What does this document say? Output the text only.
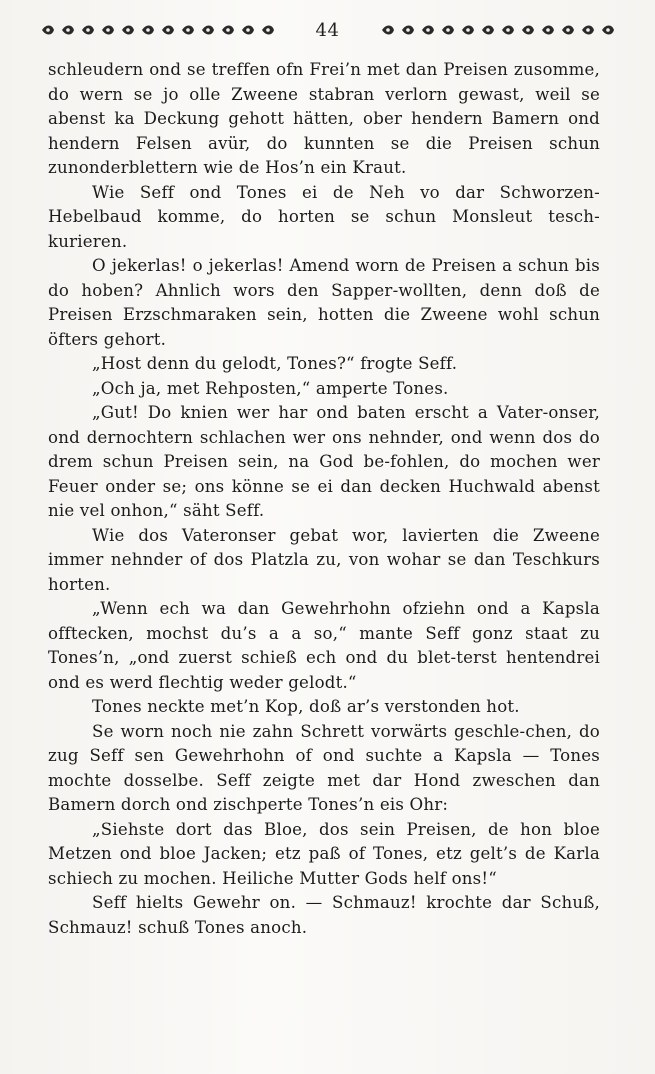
44

schleudern ond se treffen ofn Frei’n met dan Preisen zusomme, do wern se jo olle Zweene stabran verlorn gewast, weil se abenst ka Deckung gehott hätten, ober hendern Bamern ond hendern Felsen avür, do kunnten se die Preisen schun zunonderblettern wie de Hos’n ein Kraut.

Wie Seff ond Tones ei de Neh vo dar Schworzen-Hebelbaud komme, do horten se schun Monsleut tesch-kurieren.

O jekerlas! o jekerlas! Amend worn de Preisen a schun bis do hoben? Ahnlich wors den Sapper-wollten, denn doß de Preisen Erzschmaraken sein, hotten die Zweene wohl schun öfters gehort.

„Host denn du gelodt, Tones?“ frogte Seff.

„Och ja, met Rehposten,“ amperte Tones.

„Gut! Do knien wer har ond baten erscht a Vater-onser, ond dernochtern schlachen wer ons nehnder, ond wenn dos do drem schun Preisen sein, na God be-fohlen, do mochen wer Feuer onder se; ons könne se ei dan decken Huchwald abenst nie vel onhon,“ säht Seff.

Wie dos Vateronser gebat wor, lavierten die Zweene immer nehnder of dos Platzla zu, von wohar se dan Teschkurs horten.

„Wenn ech wa dan Gewehrhohn ofziehn ond a Kapsla offtecken, mochst du’s a a so,“ mante Seff gonz staat zu Tones’n, „ond zuerst schieß ech ond du blet-terst hentendrei ond es werd flechtig weder gelodt.“

Tones neckte met’n Kop, doß ar’s verstonden hot.

Se worn noch nie zahn Schrett vorwärts geschle-chen, do zug Seff sen Gewehrhohn of ond suchte a Kapsla — Tones mochte dosselbe. Seff zeigte met dar Hond zweschen dan Bamern dorch ond zischperte Tones’n eis Ohr:

„Siehste dort das Bloe, dos sein Preisen, de hon bloe Metzen ond bloe Jacken; etz paß of Tones, etz gelt’s de Karla schiech zu mochen. Heiliche Mutter Gods helf ons!“

Seff hielts Gewehr on. — Schmauz! krochte dar Schuß, Schmauz! schuß Tones anoch.
